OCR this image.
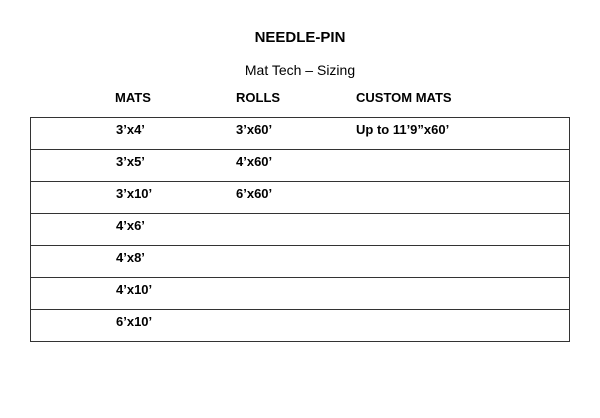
NEEDLE-PIN
Mat Tech – Sizing
MATS	ROLLS	CUSTOM MATS
3’x4’	3’x60’	Up to 11’9”x60’
3’x5’	4’x60’
3’x10’	6’x60’
4’x6’
4’x8’
4’x10’
6’x10’
